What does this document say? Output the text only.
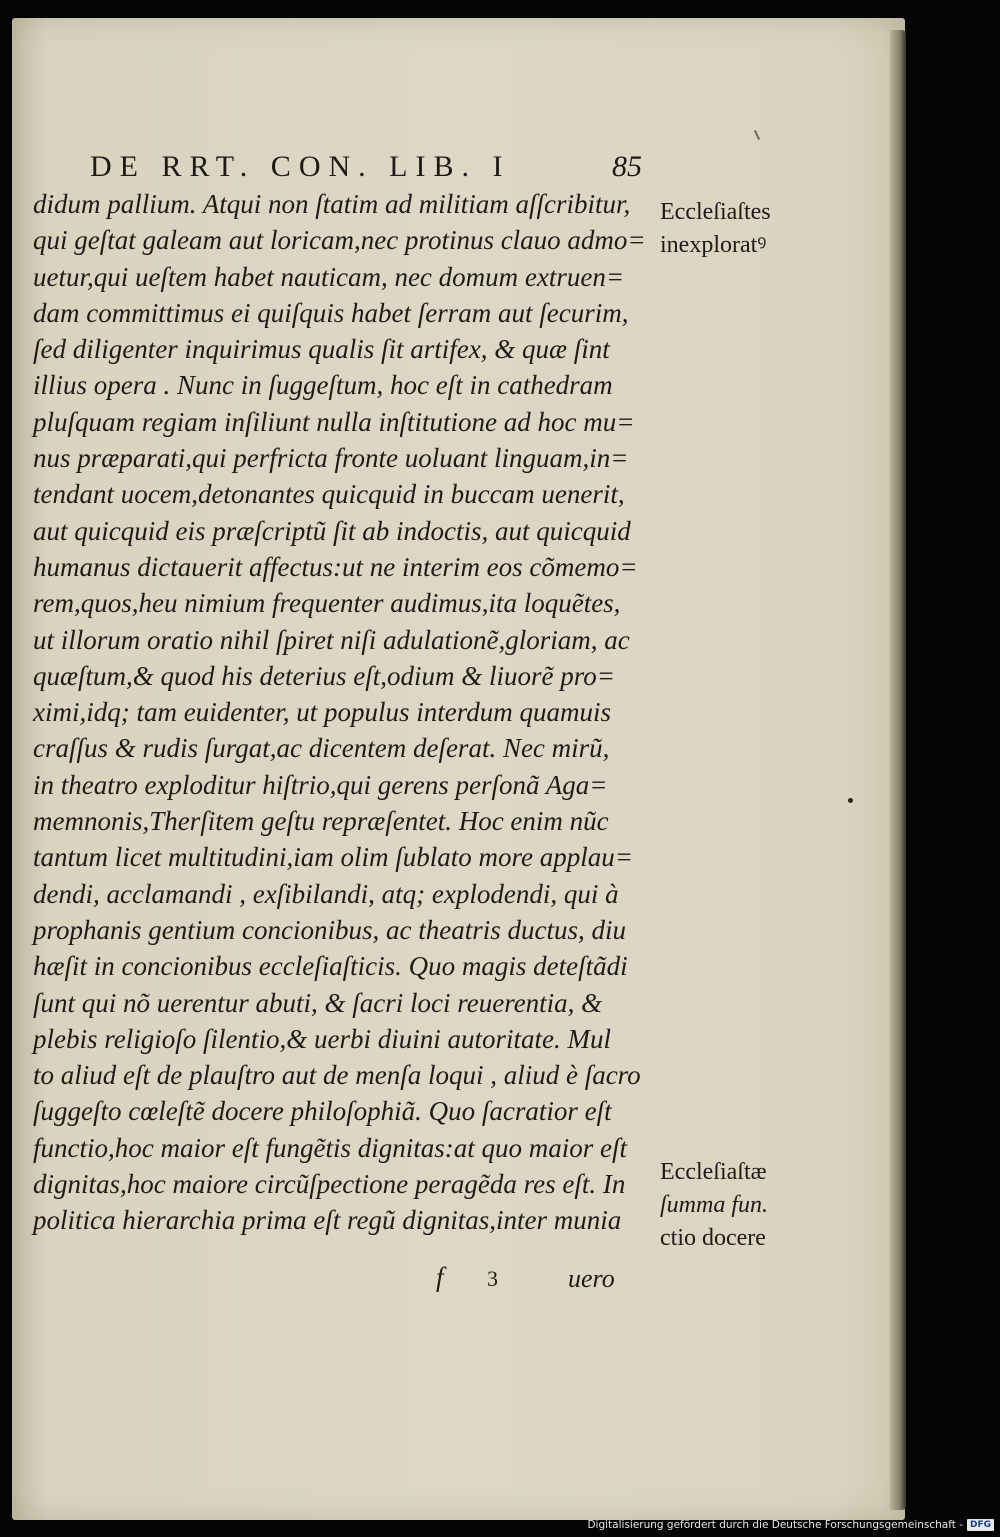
DE RRT. CON. LIB. I	85
didum pallium. Atqui non ſtatim ad militiam aſſcribitur,
qui geſtat galeam aut loricam,nec protinus clauo admo=
uetur,qui ueſtem habet nauticam, nec domum extruen=
dam committimus ei quiſquis habet ſerram aut ſecurim,
ſed diligenter inquirimus qualis ſit artifex, & quæ ſint
illius opera . Nunc in ſuggeſtum, hoc eſt in cathedram
pluſquam regiam inſiliunt nulla inſtitutione ad hoc mu=
nus præparati,qui perfricta fronte uoluant linguam,in=
tendant uocem,detonantes quicquid in buccam uenerit,
aut quicquid eis præſcriptũ ſit ab indoctis, aut quicquid
humanus dictauerit affectus:ut ne interim eos cõmemo=
rem,quos,heu nimium frequenter audimus,ita loquẽtes,
ut illorum oratio nihil ſpiret niſi adulationẽ,gloriam, ac
quæſtum,& quod his deterius eſt,odium & liuorẽ pro=
ximi,idq; tam euidenter, ut populus interdum quamuis
craſſus & rudis ſurgat,ac dicentem deſerat. Nec mirũ,
in theatro exploditur hiſtrio,qui gerens perſonã Aga=
memnonis,Therſitem geſtu repræſentet. Hoc enim nũc
tantum licet multitudini,iam olim ſublato more applau=
dendi, acclamandi , exſibilandi, atq; explodendi, qui à
prophanis gentium concionibus, ac theatris ductus, diu
hæſit in concionibus eccleſiaſticis. Quo magis deteſtãdi
ſunt qui nõ uerentur abuti, & ſacri loci reuerentia, &
plebis religioſo ſilentio,& uerbi diuini autoritate. Mul
to aliud eſt de plauſtro aut de menſa loqui , aliud è ſacro
ſuggeſto cœleſtẽ docere philoſophiã. Quo ſacratior eſt
functio,hoc maior eſt fungẽtis dignitas:at quo maior eſt
dignitas,hoc maiore circũſpectione peragẽda res eſt. In
politica hierarchia prima eſt regũ dignitas,inter munia
Eccleſiaſtes
inexploratꝰ
Eccleſiaſtæ
ſumma fun.
ctio docere
f 3	uero
Digitalisierung gefördert durch die Deutsche Forschungsgemeinschaft - DFG
